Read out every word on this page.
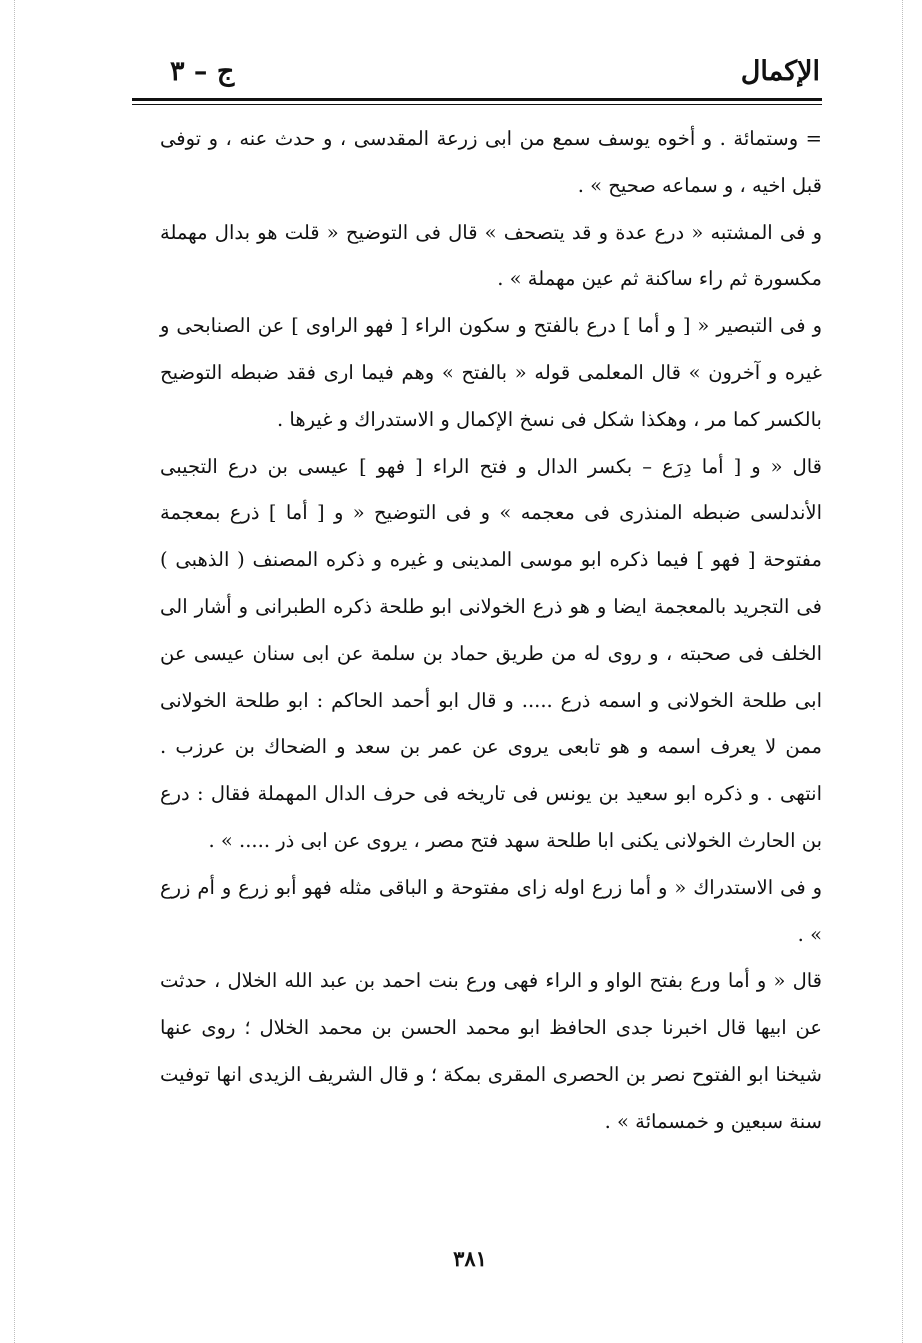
الإكمال
ج – ٣

= وستمائة . و أخوه يوسف سمع من ابى زرعة المقدسى ، و حدث عنه ، و توفى قبل اخيه ، و سماعه صحيح » .

و فى المشتبه « درع عدة و قد يتصحف » قال فى التوضيح « قلت هو بدال مهملة مكسورة ثم راء ساكنة ثم عين مهملة » .

و فى التبصير « [ و أما ] درع بالفتح و سكون الراء [ فهو الراوى ] عن الصنابحى و غيره و آخرون » قال المعلمى قوله « بالفتح » وهم فيما ارى فقد ضبطه التوضيح بالكسر كما مر ، وهكذا شكل فى نسخ الإكمال و الاستدراك و غيرها .

قال « و [ أما دِرَع – بكسر الدال و فتح الراء [ فهو ] عيسى بن درع التجيبى الأندلسى ضبطه المنذرى فى معجمه » و فى التوضيح « و [ أما ] ذرع بمعجمة مفتوحة [ فهو ] فيما ذكره ابو موسى المدينى و غيره و ذكره المصنف ( الذهبى ) فى التجريد بالمعجمة ايضا و هو ذرع الخولانى ابو طلحة ذكره الطبرانى و أشار الى الخلف فى صحبته ، و روى له من طريق حماد بن سلمة عن ابى سنان عيسى عن ابى طلحة الخولانى و اسمه ذرع ..... و قال ابو أحمد الحاكم : ابو طلحة الخولانى ممن لا يعرف اسمه و هو تابعى يروى عن عمر بن سعد و الضحاك بن عرزب . انتهى . و ذكره ابو سعيد بن يونس فى تاريخه فى حرف الدال المهملة فقال : درع بن الحارث الخولانى يكنى ابا طلحة سهد فتح مصر ، يروى عن ابى ذر ..... » .

و فى الاستدراك « و أما زرع اوله زاى مفتوحة و الباقى مثله فهو أبو زرع و أم زرع » .

قال « و أما ورع بفتح الواو و الراء فهى ورع بنت احمد بن عبد الله الخلال ، حدثت عن ابيها قال اخبرنا جدى الحافظ ابو محمد الحسن بن محمد الخلال ؛ روى عنها شيخنا ابو الفتوح نصر بن الحصرى المقرى بمكة ؛ و قال الشريف الزيدى انها توفيت سنة سبعين و خمسمائة » .

٣٨١
